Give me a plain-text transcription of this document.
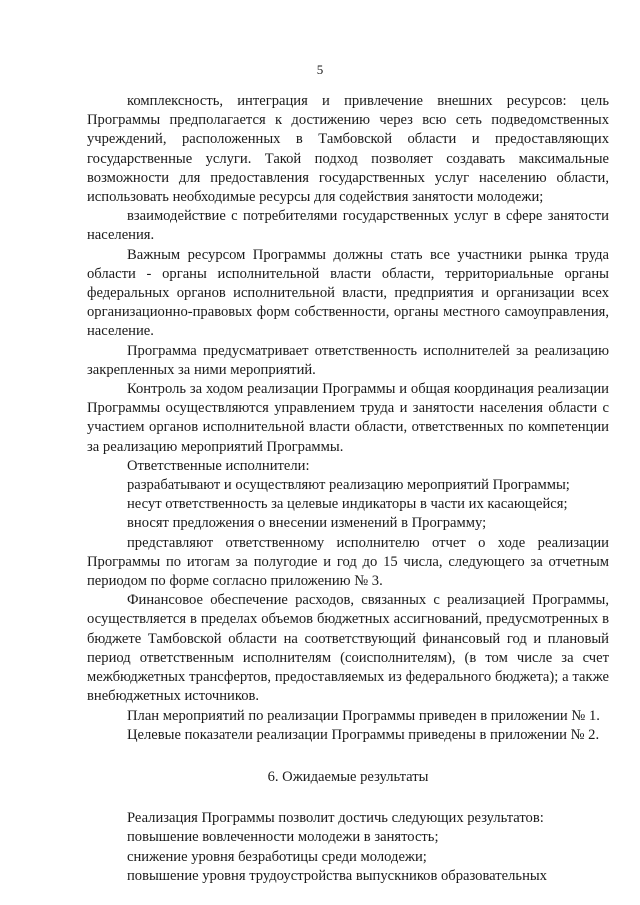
5

комплексность, интеграция и привлечение внешних ресурсов: цель Программы предполагается к достижению через всю сеть подведомственных учреждений, расположенных в Тамбовской области и предоставляющих государственные услуги. Такой подход позволяет создавать максимальные возможности для предоставления государственных услуг населению области, использовать необходимые ресурсы для содействия занятости молодежи;

взаимодействие с потребителями государственных услуг в сфере занятости населения.

Важным ресурсом Программы должны стать все участники рынка труда области - органы исполнительной власти области, территориальные органы федеральных органов исполнительной власти, предприятия и организации всех организационно-правовых форм собственности, органы местного самоуправления, население.

Программа предусматривает ответственность исполнителей за реализацию закрепленных за ними мероприятий.

Контроль за ходом реализации Программы и общая координация реализации Программы осуществляются управлением труда и занятости населения области с участием органов исполнительной власти области, ответственных по компетенции за реализацию мероприятий Программы.

Ответственные исполнители:

разрабатывают и осуществляют реализацию мероприятий Программы;

несут ответственность за целевые индикаторы в части их касающейся;

вносят предложения о внесении изменений в Программу;

представляют ответственному исполнителю отчет о ходе реализации Программы по итогам за полугодие и год до 15 числа, следующего за отчетным периодом по форме согласно приложению № 3.

Финансовое обеспечение расходов, связанных с реализацией Программы, осуществляется в пределах объемов бюджетных ассигнований, предусмотренных в бюджете Тамбовской области на соответствующий финансовый год и плановый период ответственным исполнителям (соисполнителям), (в том числе за счет межбюджетных трансфертов, предоставляемых из федерального бюджета); а также внебюджетных источников.

План мероприятий по реализации Программы приведен в приложении № 1.

Целевые показатели реализации Программы приведены в приложении № 2.

6. Ожидаемые результаты

Реализация Программы позволит достичь следующих результатов:

повышение вовлеченности молодежи в занятость;

снижение уровня безработицы среди молодежи;

повышение уровня трудоустройства выпускников образовательных
